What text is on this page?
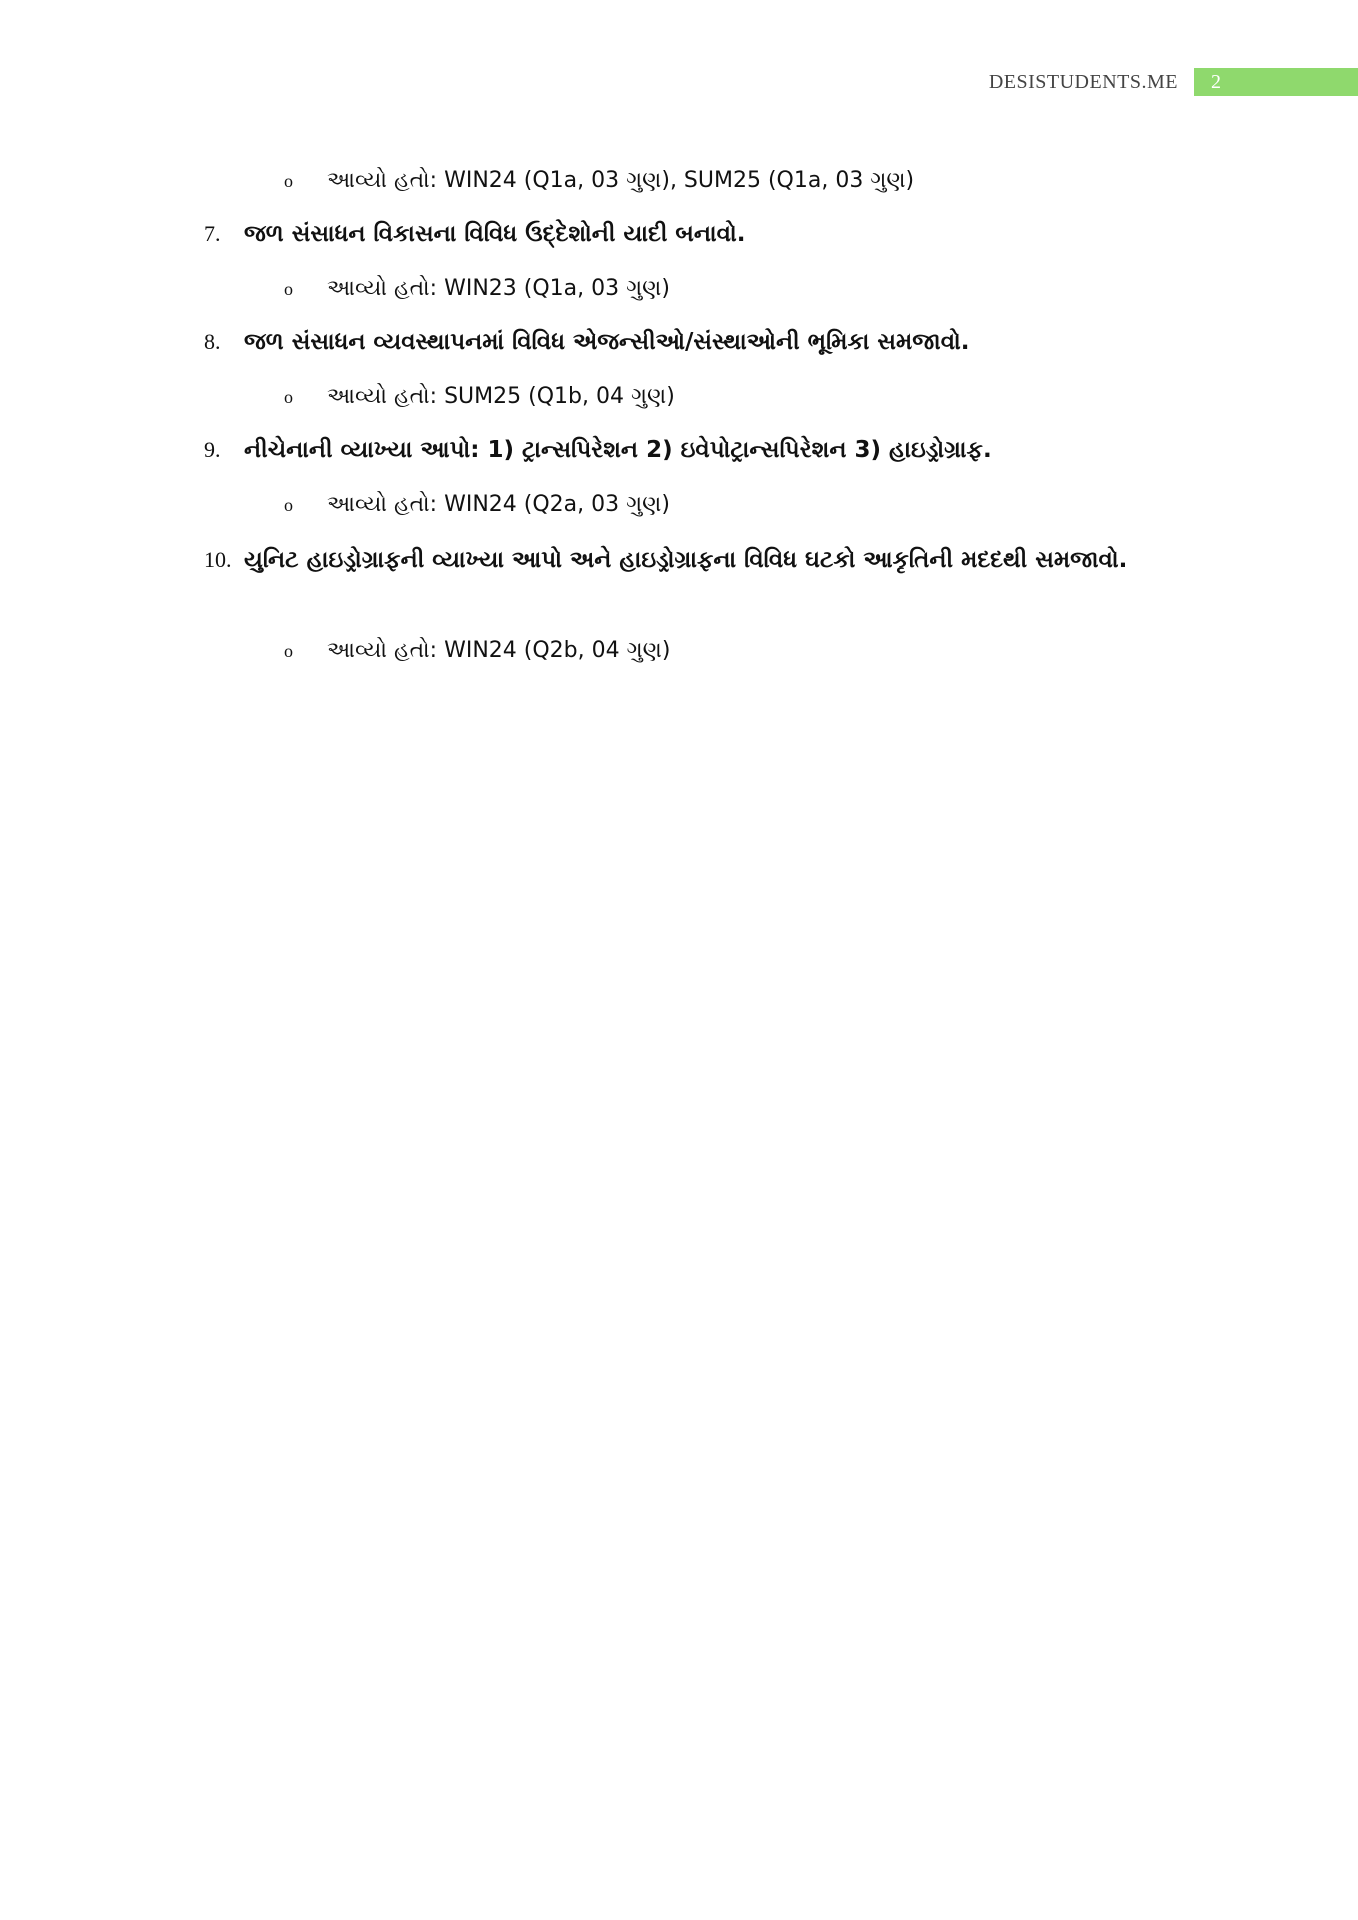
DESISTUDENTS.ME	2
o	આવ્યો હતો: WIN24 (Q1a, 03 ગુણ), SUM25 (Q1a, 03 ગુણ)
7.	જળ સંસાધન વિકાસના વિવિધ ઉદ્દેશોની યાદી બનાવો.
o	આવ્યો હતો: WIN23 (Q1a, 03 ગુણ)
8.	જળ સંસાધન વ્યવસ્થાપનમાં વિવિધ એજન્સીઓ/સંસ્થાઓની ભૂમિકા સમજાવો.
o	આવ્યો હતો: SUM25 (Q1b, 04 ગુણ)
9.	નીચેનાની વ્યાખ્યા આપો: 1) ટ્રાન્સપિરેશન 2) ઇવેપોટ્રાન્સપિરેશન 3) હાઇડ્રોગ્રાફ.
o	આવ્યો હતો: WIN24 (Q2a, 03 ગુણ)
10. યુનિટ હાઇડ્રોગ્રાફની વ્યાખ્યા આપો અને હાઇડ્રોગ્રાફના વિવિધ ઘટકો આકૃતિની મદદથી સમજાવો.
o	આવ્યો હતો: WIN24 (Q2b, 04 ગુણ)
